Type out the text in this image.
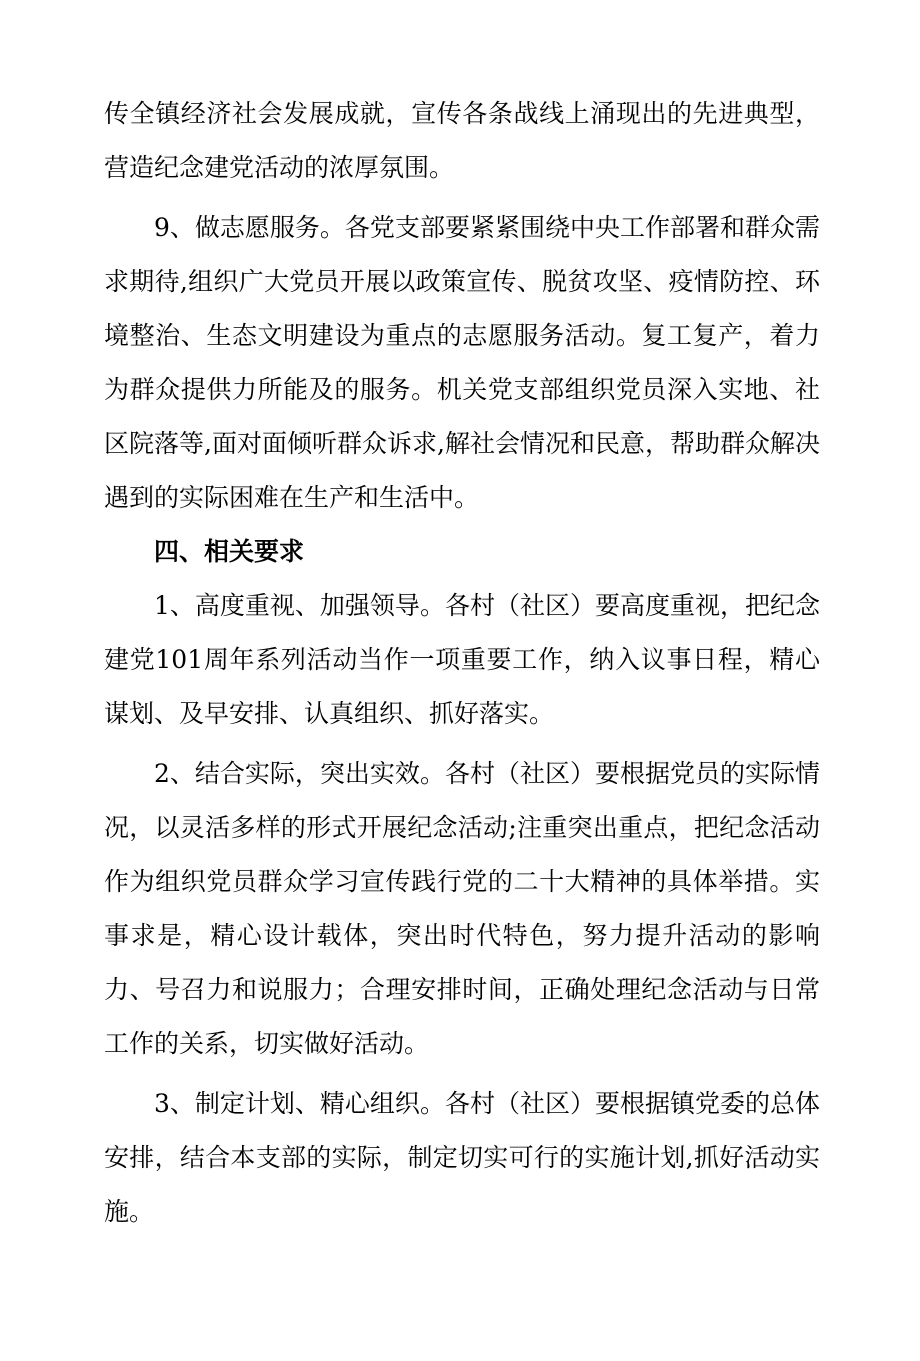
传全镇经济社会发展成就，宣传各条战线上涌现出的先进典型，营造纪念建党活动的浓厚氛围。

9、做志愿服务。各党支部要紧紧围绕中央工作部署和群众需求期待,组织广大党员开展以政策宣传、脱贫攻坚、疫情防控、环境整治、生态文明建设为重点的志愿服务活动。复工复产，着力为群众提供力所能及的服务。机关党支部组织党员深入实地、社区院落等,面对面倾听群众诉求,解社会情况和民意，帮助群众解决遇到的实际困难在生产和生活中。

四、相关要求

1、高度重视、加强领导。各村（社区）要高度重视，把纪念建党101周年系列活动当作一项重要工作，纳入议事日程，精心谋划、及早安排、认真组织、抓好落实。

2、结合实际，突出实效。各村（社区）要根据党员的实际情况，以灵活多样的形式开展纪念活动;注重突出重点，把纪念活动作为组织党员群众学习宣传践行党的二十大精神的具体举措。实事求是，精心设计载体，突出时代特色，努力提升活动的影响力、号召力和说服力；合理安排时间，正确处理纪念活动与日常工作的关系，切实做好活动。

3、制定计划、精心组织。各村（社区）要根据镇党委的总体安排，结合本支部的实际，制定切实可行的实施计划,抓好活动实施。
